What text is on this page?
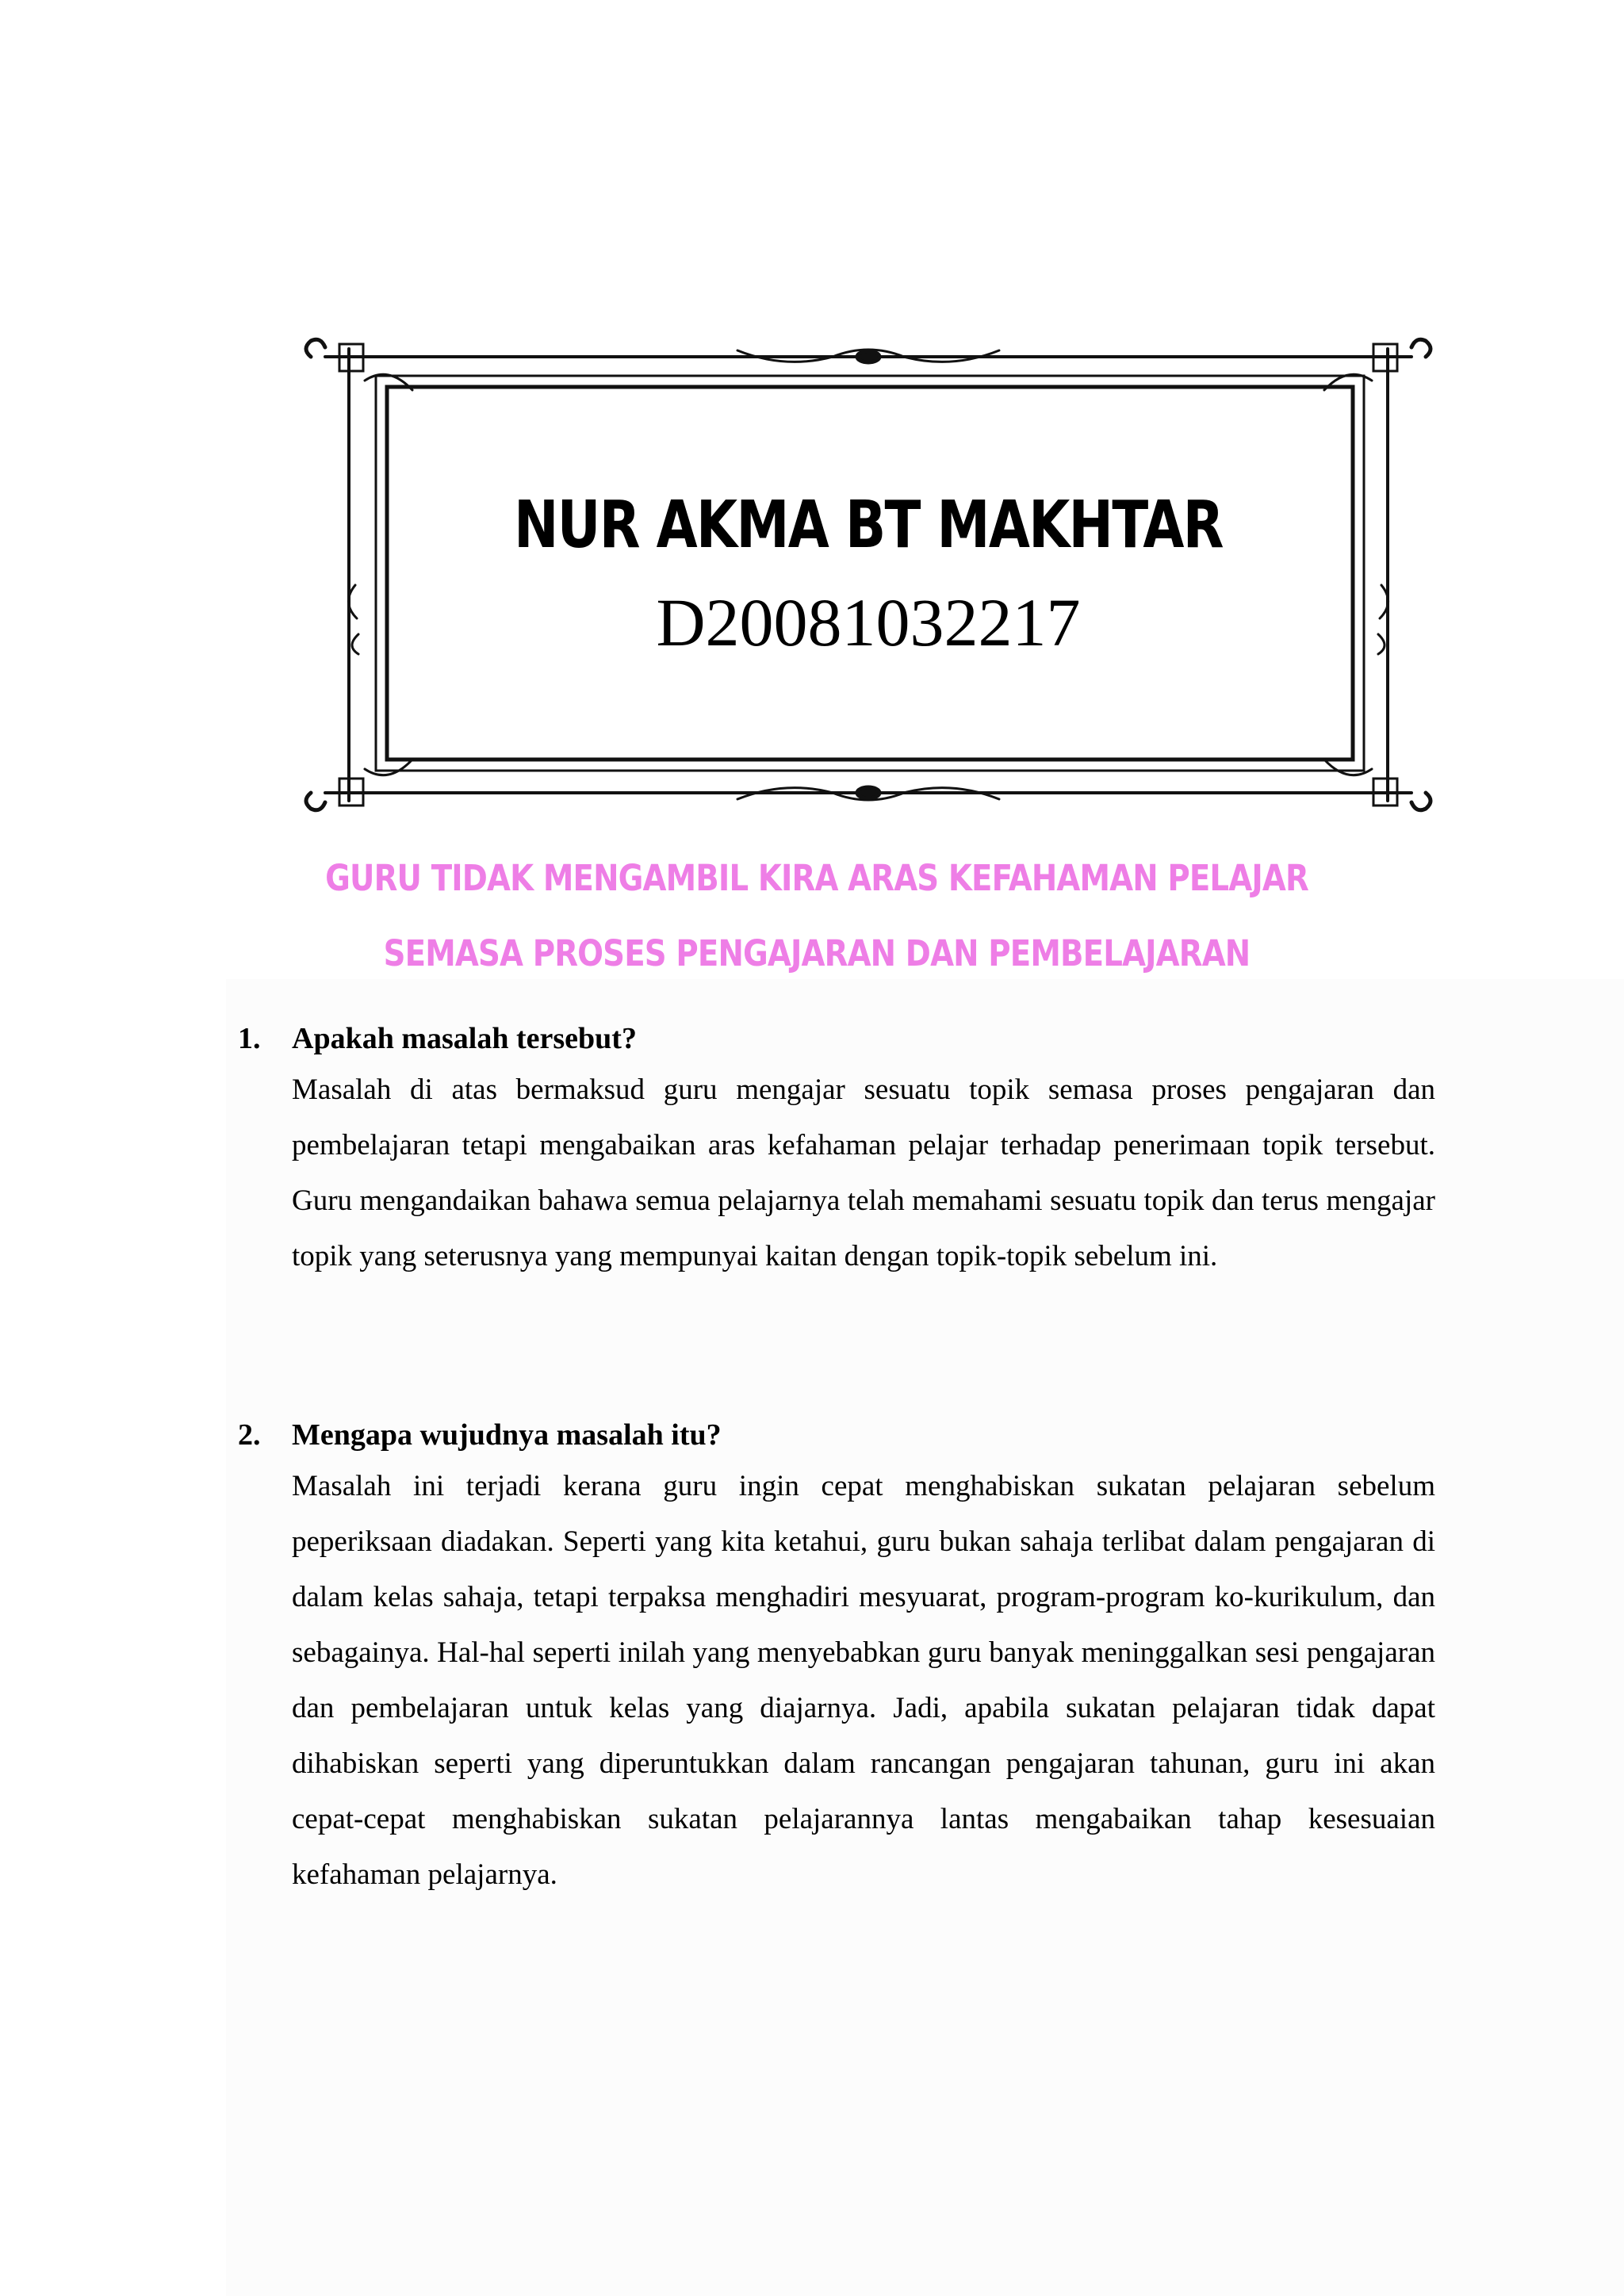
NUR AKMA BT MAKHTAR
D20081032217
GURU TIDAK MENGAMBIL KIRA ARAS KEFAHAMAN PELAJAR SEMASA PROSES PENGAJARAN DAN PEMBELAJARAN
1. Apakah masalah tersebut?
Masalah di atas bermaksud guru mengajar sesuatu topik semasa proses pengajaran dan pembelajaran tetapi mengabaikan aras kefahaman pelajar terhadap penerimaan topik tersebut. Guru mengandaikan bahawa semua pelajarnya telah memahami sesuatu topik dan terus mengajar topik yang seterusnya yang mempunyai kaitan dengan topik-topik sebelum ini.
2. Mengapa wujudnya masalah itu?
Masalah ini terjadi kerana guru ingin cepat menghabiskan sukatan pelajaran sebelum peperiksaan diadakan. Seperti yang kita ketahui, guru bukan sahaja terlibat dalam pengajaran di dalam kelas sahaja, tetapi terpaksa menghadiri mesyuarat, program-program ko-kurikulum, dan sebagainya. Hal-hal seperti inilah yang menyebabkan guru banyak meninggalkan sesi pengajaran dan pembelajaran untuk kelas yang diajarnya. Jadi, apabila sukatan pelajaran tidak dapat dihabiskan seperti yang diperuntukkan dalam rancangan pengajaran tahunan, guru ini akan cepat-cepat menghabiskan sukatan pelajarannya lantas mengabaikan tahap kesesuaian kefahaman pelajarnya.
